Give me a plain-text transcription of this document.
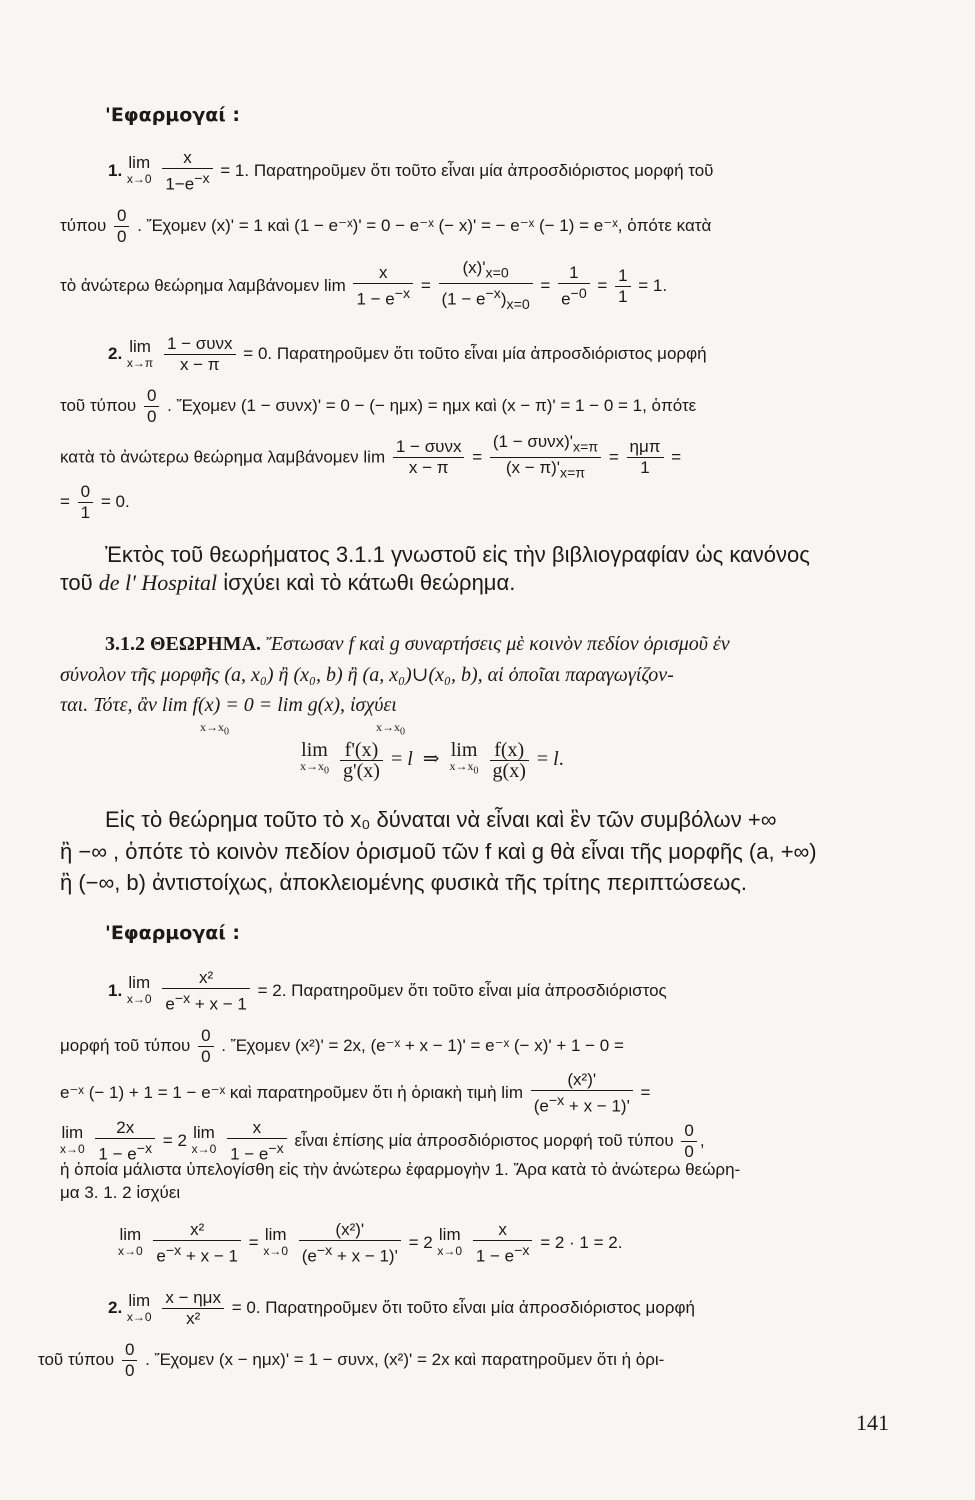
'Εφαρμογαί :
1. lim
x→0
$\frac{x}{1-e^{-x}} = 1$. Παρατηροῦμεν ὅτι τοῦτο εἶναι μία ἀπροσδιόριστος μορφή τοῦ
τύπου $\frac{0}{0}$ . Ἔχομεν (x)' = 1 καὶ (1 − e⁻ˣ)' = 0 − e⁻ˣ (− x)' = − e⁻ˣ (− 1) = e⁻ˣ, ὁπότε κατὰ
τὸ ἀνώτερω θεώρημα λαμβάνομεν $\lim \frac{x}{1 - e^{-x}} = \frac{(x)'_{x=0}}{(1 - e^{-x})_{x=0}} = \frac{1}{e^{-0}} = \frac{1}{1} = 1$.
2. lim
x→π
$\frac{\text{1 − συνx}}{x - \pi} = 0$. Παρατηροῦμεν ὅτι τοῦτο εἶναι μία ἀπροσδιόριστος μορφή
τοῦ τύπου $\frac{0}{0}$ . Ἔχομεν (1 − συνx)' = 0 − (− ημx) = ημx καὶ (x − π)' = 1 − 0 = 1, ὁπότε
κατὰ τὸ ἀνώτερω θεώρημα λαμβάνομεν $\lim \frac{\text{1 − συνx}}{x - \pi} = \frac{(1 - \sigma\upsilon\nu x)'_{x=\pi}}{(x - \pi)'_{x=\pi}} = \frac{\text{ημπ}}{1}$ =
= $\frac{0}{1} = 0$.
Ἐκτὸς τοῦ θεωρήματος 3.1.1 γνωστοῦ εἰς τὴν βιβλιογραφίαν ὡς κανόνος
τοῦ de l' Hospital ἰσχύει καὶ τὸ κάτωθι θεώρημα.
3.1.2 ΘΕΩΡΗΜΑ. Ἔστωσαν f καὶ g συναρτήσεις μὲ κοινὸν πεδίον ὁρισμοῦ ἐν
σύνολον τῆς μορφῆς (a, x₀) ἢ (x₀, b) ἢ (a, x₀)∪(x₀, b), αἱ ὁποῖαι παραγωγίζον-
ται. Τότε, ἂν lim f(x) = 0 = lim g(x), ἰσχύει
$x\to x_0$	$x\to x_0$
lim
$x\to x_0$
$\frac{f'(x)}{g'(x)} = l$  ⇒ lim
$x\to x_0$
$\frac{f(x)}{g(x)} = l$.
Εἰς τὸ θεώρημα τοῦτο τὸ x₀ δύναται νὰ εἶναι καὶ ἓν τῶν συμβόλων +∞
ἢ −∞ , ὁπότε τὸ κοινὸν πεδίον ὁρισμοῦ τῶν f καὶ g θὰ εἶναι τῆς μορφῆς (a, +∞)
ἢ (−∞, b) ἀντιστοίχως, ἀποκλειομένης φυσικὰ τῆς τρίτης περιπτώσεως.
'Εφαρμογαί :
1. lim
x→0
$\frac{\text{x²}}{e^{-x} + x - 1} = 2$. Παρατηροῦμεν ὅτι τοῦτο εἶναι μία ἀπροσδιόριστος
μορφή τοῦ τύπου $\frac{0}{0}$ . Ἔχομεν (x²)' = 2x, (e⁻ˣ + x − 1)' = e⁻ˣ (− x)' + 1 − 0 =
e⁻ˣ (− 1) + 1 = 1 − e⁻ˣ καὶ παρατηροῦμεν ὅτι ἡ ὁριακὴ τιμὴ $\lim \frac{\text{(x²)'}}{(e^{-x} + x - 1)'}$ =
lim
x→0
$\frac{2x}{1 - e^{-x}} = 2$ lim
x→0
$\frac{x}{1 - e^{-x}}$ εἶναι ἐπίσης μία ἀπροσδιόριστος μορφή τοῦ τύπου $\frac{0}{0}$ ,
ἡ ὁποία μάλιστα ὑπελογίσθη εἰς τὴν ἀνώτερω ἐφαρμογὴν 1. Ἄρα κατὰ τὸ ἀνώτερω θεώρη-
μα 3. 1. 2 ἰσχύει
lim
x→0
$\frac{\text{x²}}{e^{-x} + x - 1} = \lim$
x→0
$\frac{\text{(x²)'}}{(e^{-x} + x - 1)'} = 2$ lim
x→0
$\frac{x}{1 - e^{-x}} = 2 \cdot 1 = 2$.
2. lim
x→0
$\frac{\text{x − ημx}}{\text{x²}} = 0$. Παρατηροῦμεν ὅτι τοῦτο εἶναι μία ἀπροσδιόριστος μορφή
τοῦ τύπου $\frac{0}{0}$ . Ἔχομεν (x − ημx)' = 1 − συνx, (x²)' = 2x καὶ παρατηροῦμεν ὅτι ἡ ὁρι-
141
